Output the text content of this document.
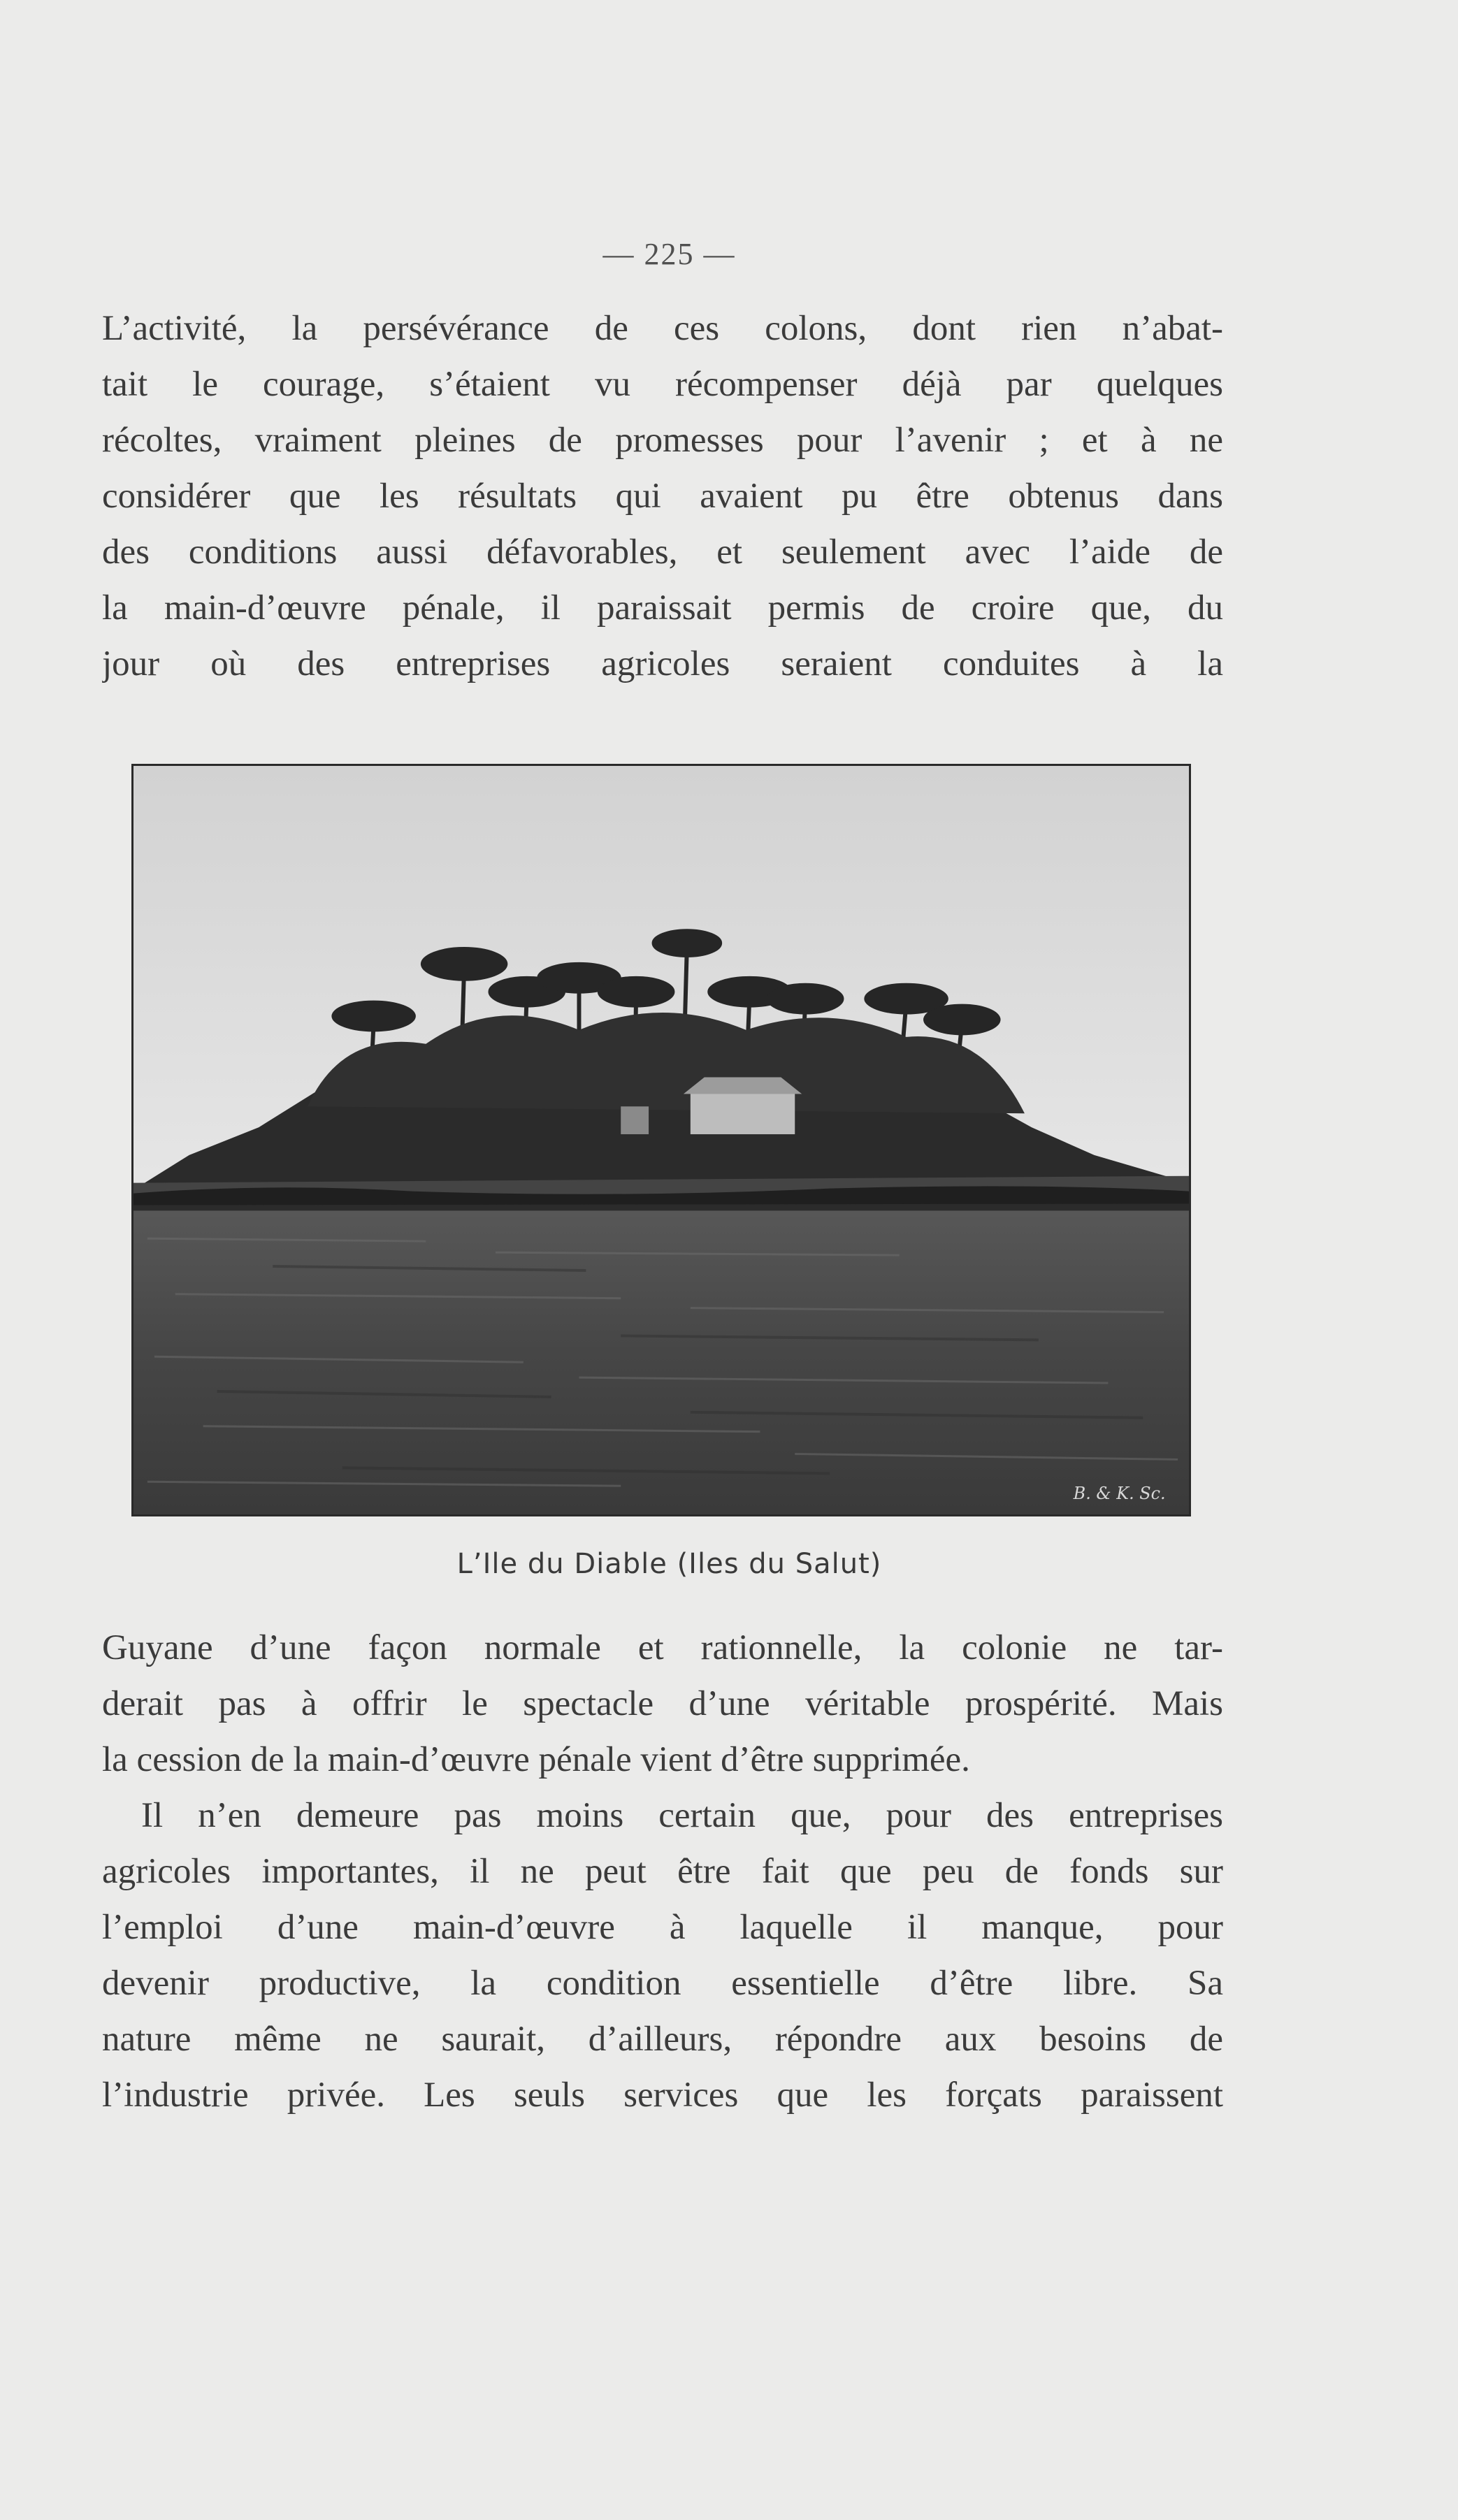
— 225 —
L’activité, la persévérance de ces colons, dont rien n’abat-
tait le courage, s’étaient vu récompenser déjà par quelques
récoltes, vraiment pleines de promesses pour l’avenir ; et à ne
considérer que les résultats qui avaient pu être obtenus dans
des conditions aussi défavorables, et seulement avec l’aide de
la main-d’œuvre pénale, il paraissait permis de croire que, du
jour où des entreprises agricoles seraient conduites à la
B. & K. Sc.
L’Ile du Diable (Iles du Salut)
Guyane d’une façon normale et rationnelle, la colonie ne tar-
derait pas à offrir le spectacle d’une véritable prospérité. Mais
la cession de la main-d’œuvre pénale vient d’être supprimée.
Il n’en demeure pas moins certain que, pour des entreprises
agricoles importantes, il ne peut être fait que peu de fonds sur
l’emploi d’une main-d’œuvre à laquelle il manque, pour
devenir productive, la condition essentielle d’être libre. Sa
nature même ne saurait, d’ailleurs, répondre aux besoins de
l’industrie privée. Les seuls services que les forçats paraissent
